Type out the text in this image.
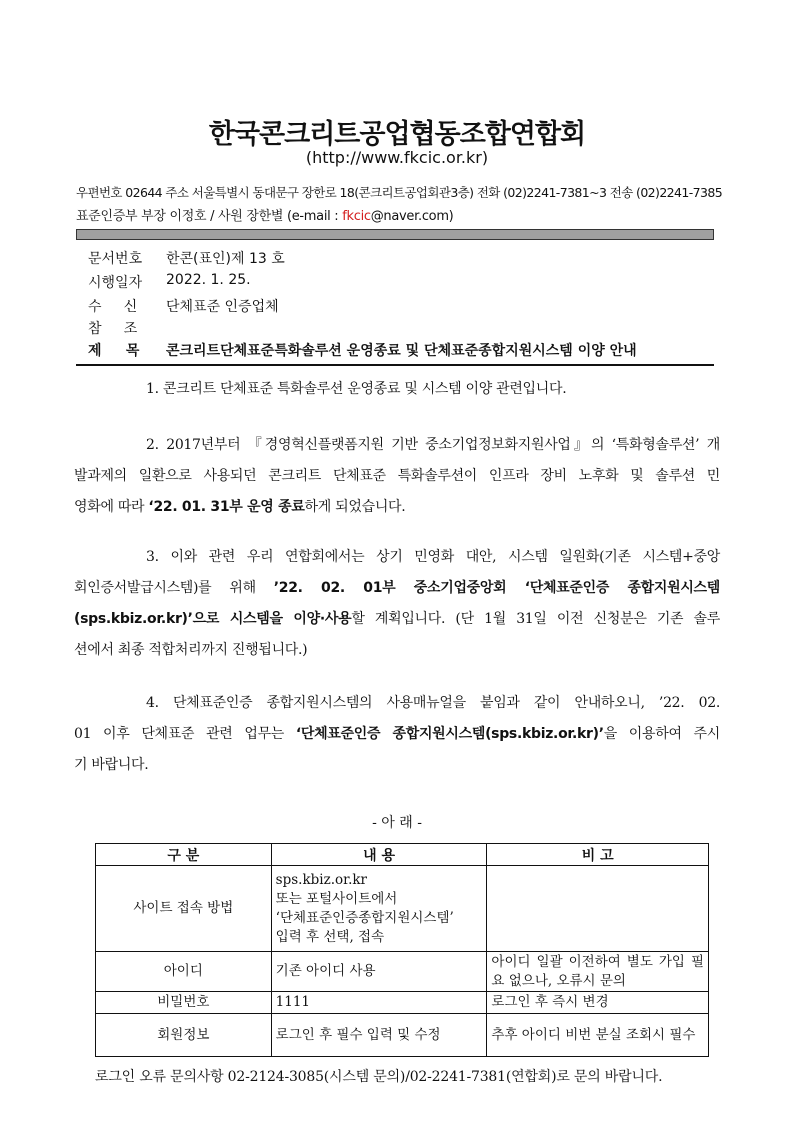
한국콘크리트공업협동조합연합회
(http://www.fkcic.or.kr)
우편번호 02644 주소 서울특별시 동대문구 장한로 18(콘크리트공업회관3층) 전화 (02)2241-7381~3 전송 (02)2241-7385
표준인증부 부장 이정호 / 사원 장한별 (e-mail : fkcic@naver.com)
문서번호 한콘(표인)제 13 호
시행일자 2022. 1. 25.
수     신 단체표준 인증업체
참     조
제     목 콘크리트단체표준특화솔루션 운영종료 및 단체표준종합지원시스템 이양 안내
1. 콘크리트 단체표준 특화솔루션 운영종료 및 시스템 이양 관련입니다.
2. 2017년부터 『경영혁신플랫폼지원 기반 중소기업정보화지원사업』의 ‘특화형솔루션’ 개
발과제의 일환으로 사용되던 콘크리트 단체표준 특화솔루션이 인프라 장비 노후화 및 솔루션 민
영화에 따라 ‘22. 01. 31부 운영 종료하게 되었습니다.
3. 이와 관련 우리 연합회에서는 상기 민영화 대안, 시스템 일원화(기존 시스템+중앙
회인증서발급시스템)를 위해 ’22. 02. 01부 중소기업중앙회 ‘단체표준인증 종합지원시스템
(sps.kbiz.or.kr)’으로 시스템을 이양·사용할 계획입니다. (단 1월 31일 이전 신청분은 기존 솔루
션에서 최종 적합처리까지 진행됩니다.)
4. 단체표준인증 종합지원시스템의 사용매뉴얼을 붙임과 같이 안내하오니, ’22. 02.
01 이후 단체표준 관련 업무는 ‘단체표준인증 종합지원시스템(sps.kbiz.or.kr)’을 이용하여 주시
기 바랍니다.
- 아 래 -
구 분	내 용	비 고
사이트 접속 방법	sps.kbiz.or.kr
또는 포털사이트에서
‘단체표준인증종합지원시스템’
입력 후 선택, 접속	

아이디	기존 아이디 사용	아이디 일괄 이전하여 별도 가입 필요 없으나, 오류시 문의
비밀번호	1111	로그인 후 즉시 변경
회원정보	로그인 후 필수 입력 및 수정	추후 아이디 비번 분실 조회시 필수
로그인 오류 문의사항 02-2124-3085(시스템 문의)/02-2241-7381(연합회)로 문의 바랍니다.
